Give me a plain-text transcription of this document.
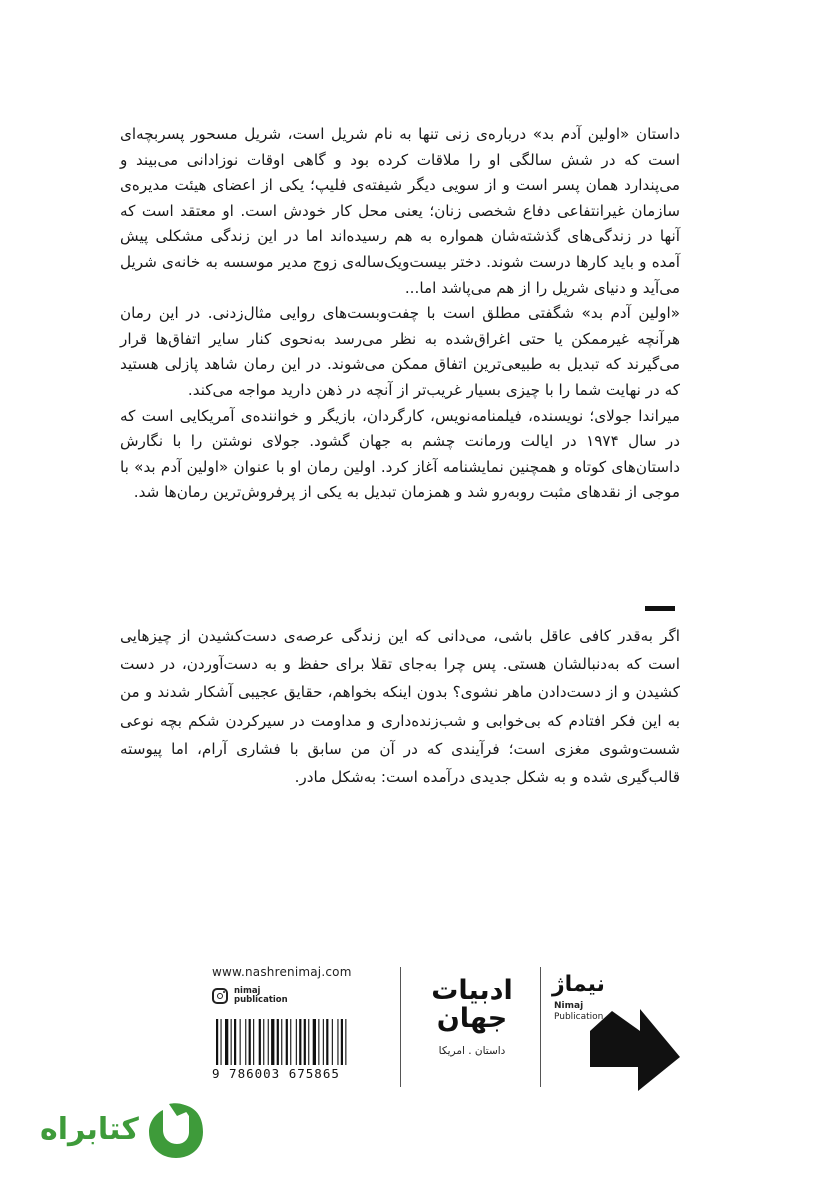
داستان «اولین آدم بد» درباره‌ی زنی تنها به نام شریل است، شریل مسحور پسربچه‌ای است که در شش سالگی او را ملاقات کرده بود و گاهی اوقات نوزادانی می‌بیند و می‌پندارد همان پسر است و از سویی دیگر شیفته‌ی فلیپ؛ یکی از اعضای هیئت مدیره‌ی سازمان غیرانتفاعی دفاع شخصی زنان؛ یعنی محل کار خودش است. او معتقد است که آنها در زندگی‌های گذشته‌شان همواره به هم رسیده‌اند اما در این زندگی مشکلی پیش آمده و باید کارها درست شوند. دختر بیست‌ویک‌ساله‌ی زوج مدیر موسسه به خانه‌ی شریل می‌آید و دنیای شریل را از هم می‌پاشد اما...

«اولین آدم بد» شگفتی مطلق است با چفت‌وبست‌های روایی مثال‌زدنی. در این رمان هرآنچه غیرممکن یا حتی اغراق‌شده به نظر می‌رسد به‌نحوی کنار سایر اتفاق‌ها قرار می‌گیرند که تبدیل به طبیعی‌ترین اتفاق ممکن می‌شوند. در این رمان شاهد پازلی هستید که در نهایت شما را با چیزی بسیار غریب‌تر از آنچه در ذهن دارید مواجه می‌کند.

میراندا جولای؛ نویسنده، فیلمنامه‌نویس، کارگردان، بازیگر و خواننده‌ی آمریکایی است که در سال ۱۹۷۴ در ایالت ورمانت چشم به جهان گشود. جولای نوشتن را با نگارش داستان‌های کوتاه و همچنین نمایشنامه آغاز کرد. اولین رمان او با عنوان «اولین آدم بد» با موجی از نقدهای مثبت روبه‌رو شد و همزمان تبدیل به یکی از پرفروش‌ترین رمان‌ها شد.

اگر به‌قدر کافی عاقل باشی، می‌دانی که این زندگی عرصه‌ی دست‌کشیدن از چیزهایی است که به‌دنبالشان هستی. پس چرا به‌جای تقلا برای حفظ و به دست‌آوردن، در دست کشیدن و از دست‌دادن ماهر نشوی؟ بدون اینکه بخواهم، حقایق عجیبی آشکار شدند و من به این فکر افتادم که بی‌خوابی و شب‌زنده‌داری و مداومت در سیرکردن شکم بچه نوعی شست‌وشوی مغزی است؛ فرآیندی که در آن من سابق با فشاری آرام، اما پیوسته قالب‌گیری شده و به شکل جدیدی درآمده است: به‌شکل مادر.

www.nashrenimaj.com
nimaj
publication
9 786003 675865
ادبیات
جهان
داستان . امریکا
نیماژ
Nimaj
Publication
کتابراه
